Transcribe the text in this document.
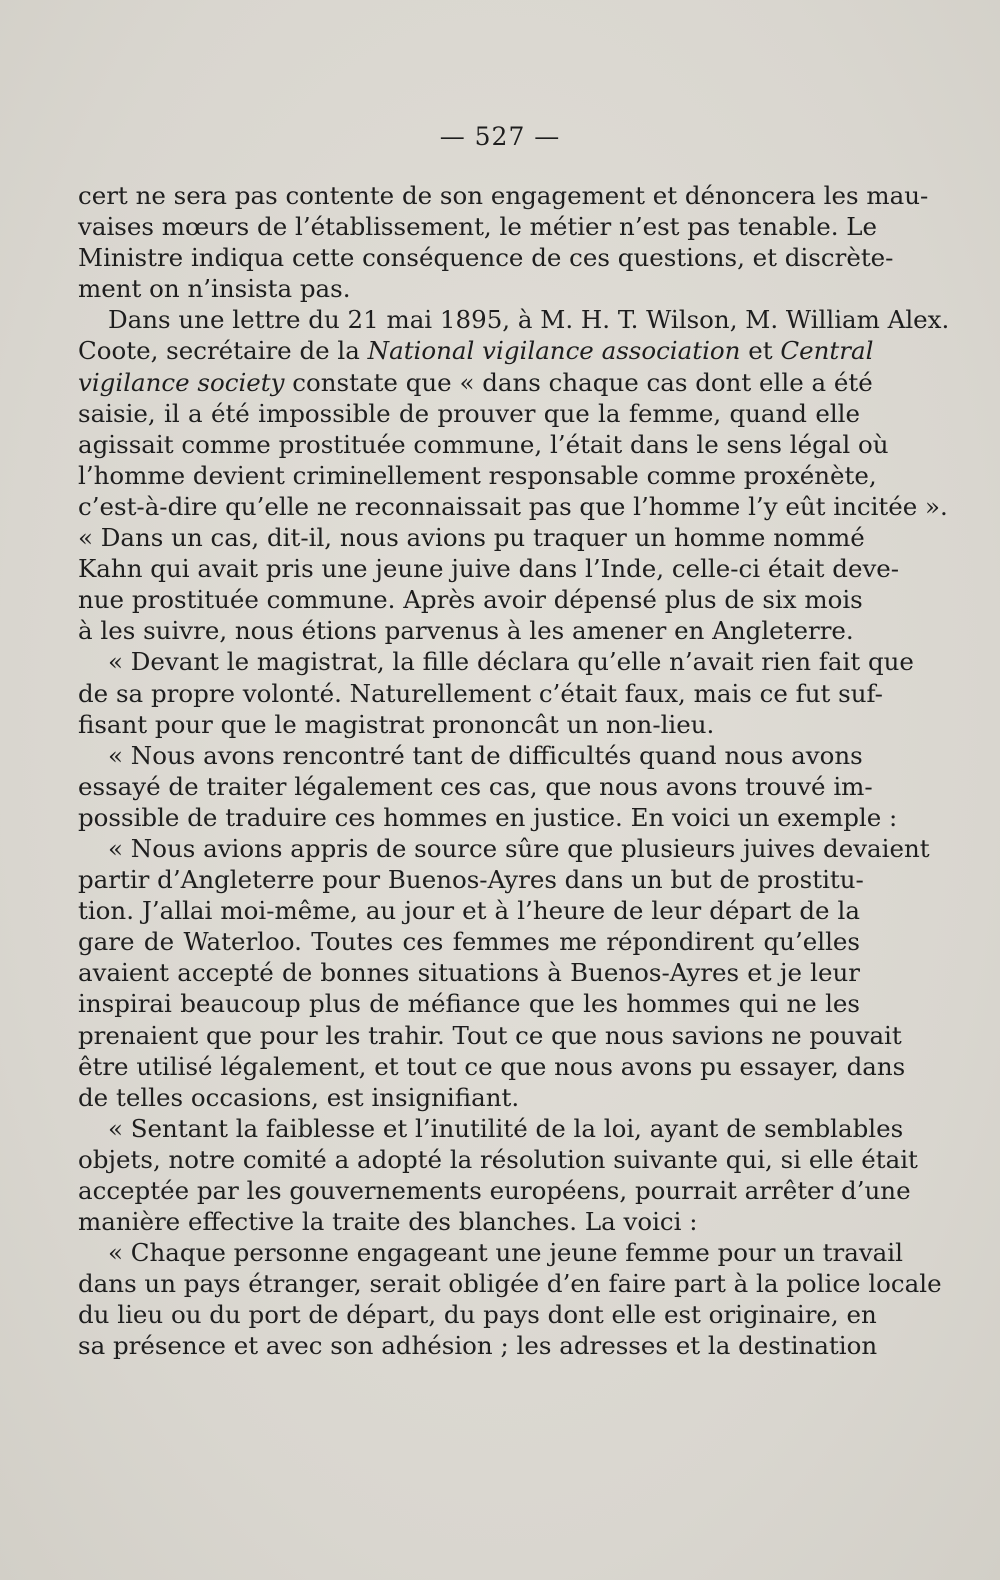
— 527 —
cert ne sera pas contente de son engagement et dénoncera les mau-
vaises mœurs de l’établissement, le métier n’est pas tenable. Le
Ministre indiqua cette conséquence de ces questions, et discrète-
ment on n’insista pas.
Dans une lettre du 21 mai 1895, à M. H. T. Wilson, M. William Alex.
Coote, secrétaire de la National vigilance association et Central
vigilance society constate que « dans chaque cas dont elle a été
saisie, il a été impossible de prouver que la femme, quand elle
agissait comme prostituée commune, l’était dans le sens légal où
l’homme devient criminellement responsable comme proxénète,
c’est-à-dire qu’elle ne reconnaissait pas que l’homme l’y eût incitée ».
« Dans un cas, dit-il, nous avions pu traquer un homme nommé
Kahn qui avait pris une jeune juive dans l’Inde, celle-ci était deve-
nue prostituée commune. Après avoir dépensé plus de six mois
à les suivre, nous étions parvenus à les amener en Angleterre.
« Devant le magistrat, la fille déclara qu’elle n’avait rien fait que
de sa propre volonté. Naturellement c’était faux, mais ce fut suf-
fisant pour que le magistrat prononcât un non-lieu.
« Nous avons rencontré tant de difficultés quand nous avons
essayé de traiter légalement ces cas, que nous avons trouvé im-
possible de traduire ces hommes en justice. En voici un exemple :
« Nous avions appris de source sûre que plusieurs juives devaient
partir d’Angleterre pour Buenos-Ayres dans un but de prostitu-
tion. J’allai moi-même, au jour et à l’heure de leur départ de la
gare de Waterloo. Toutes ces femmes me répondirent qu’elles
avaient accepté de bonnes situations à Buenos-Ayres et je leur
inspirai beaucoup plus de méfiance que les hommes qui ne les
prenaient que pour les trahir. Tout ce que nous savions ne pouvait
être utilisé légalement, et tout ce que nous avons pu essayer, dans
de telles occasions, est insignifiant.
« Sentant la faiblesse et l’inutilité de la loi, ayant de semblables
objets, notre comité a adopté la résolution suivante qui, si elle était
acceptée par les gouvernements européens, pourrait arrêter d’une
manière effective la traite des blanches. La voici :
« Chaque personne engageant une jeune femme pour un travail
dans un pays étranger, serait obligée d’en faire part à la police locale
du lieu ou du port de départ, du pays dont elle est originaire, en
sa présence et avec son adhésion ; les adresses et la destination
